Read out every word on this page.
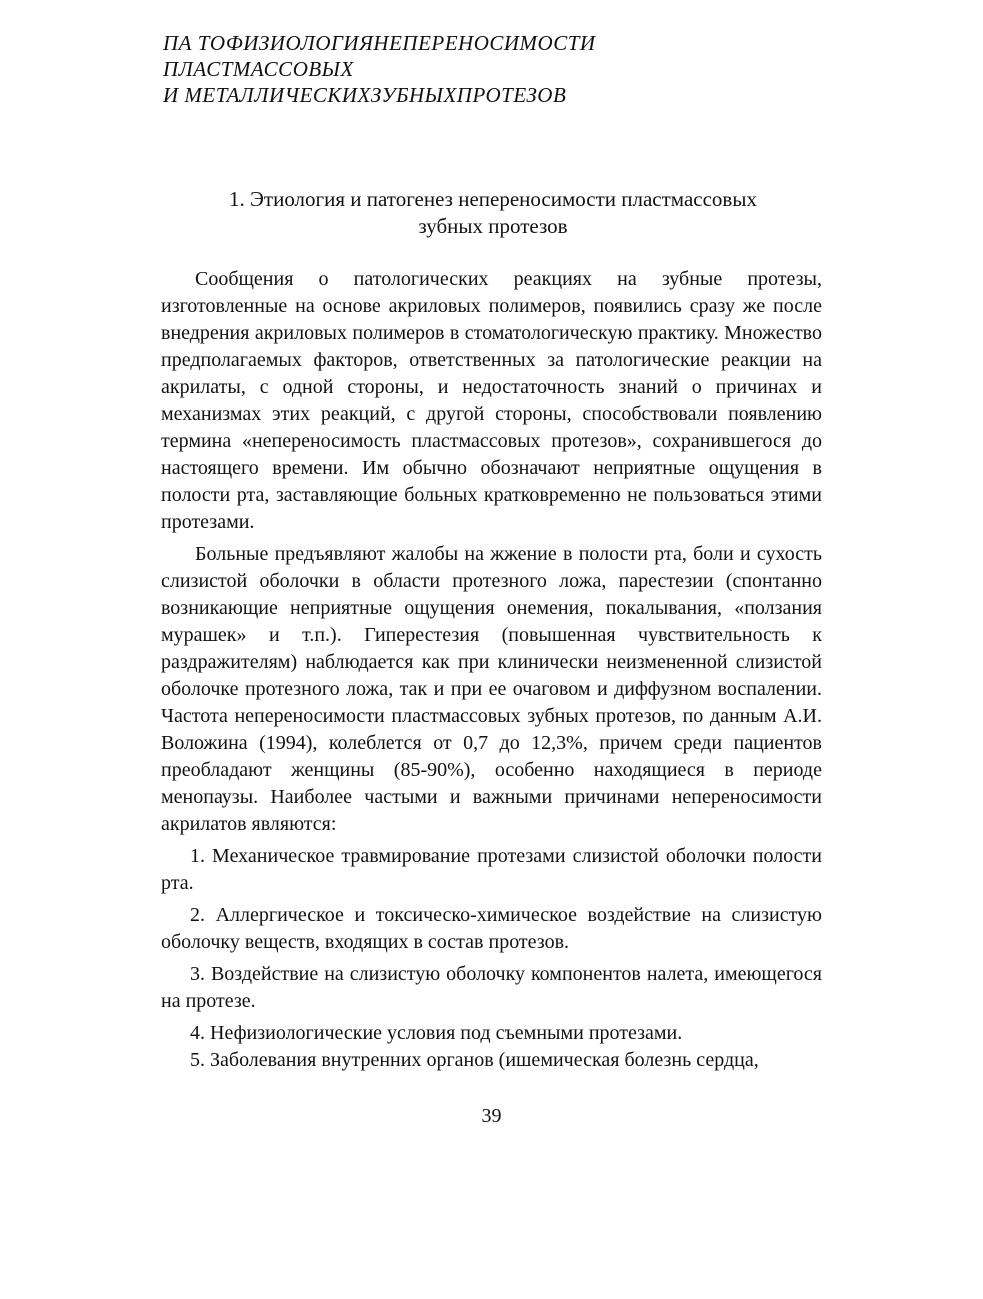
ПА ТОФИЗИОЛОГИЯНЕПЕРЕНОСИМОСТИ
ПЛАСТМАССОВЫХ
И МЕТАЛЛИЧЕСКИХЗУБНЫХПРОТЕЗОВ
1. Этиология и патогенез непереносимости пластмассовых
зубных протезов

Сообщения о патологических реакциях на зубные протезы, изготовленные на основе акриловых полимеров, появились сразу же после внедрения акриловых полимеров в стоматологическую практику. Множество предполагаемых факторов, ответственных за патологические реакции на акрилаты, с одной стороны, и недостаточность знаний о причинах и механизмах этих реакций, с другой стороны, способствовали появлению термина «непереносимость пластмассовых протезов», сохранившегося до настоящего времени. Им обычно обозначают неприятные ощущения в полости рта, заставляющие больных кратковременно не пользоваться этими протезами.

Больные предъявляют жалобы на жжение в полости рта, боли и сухость слизистой оболочки в области протезного ложа, парестезии (спонтанно возникающие неприятные ощущения онемения, покалывания, «ползания мурашек» и т.п.). Гиперестезия (повышенная чувствительность к раздражителям) наблюдается как при клинически неизмененной слизистой оболочке протезного ложа, так и при ее очаговом и диффузном воспалении. Частота непереносимости пластмассовых зубных протезов, по данным А.И. Воложина (1994), колеблется от 0,7 до 12,3%, причем среди пациентов преобладают женщины (85-90%), особенно находящиеся в периоде менопаузы. Наиболее частыми и важными причинами непереносимости акрилатов являются:

1. Механическое травмирование протезами слизистой оболочки полости рта.

2. Аллергическое и токсическо-химическое воздействие на слизистую оболочку веществ, входящих в состав протезов.

3. Воздействие на слизистую оболочку компонентов налета, имеющегося на протезе.

4. Нефизиологические условия под съемными протезами.

5. Заболевания внутренних органов (ишемическая болезнь сердца,

39
